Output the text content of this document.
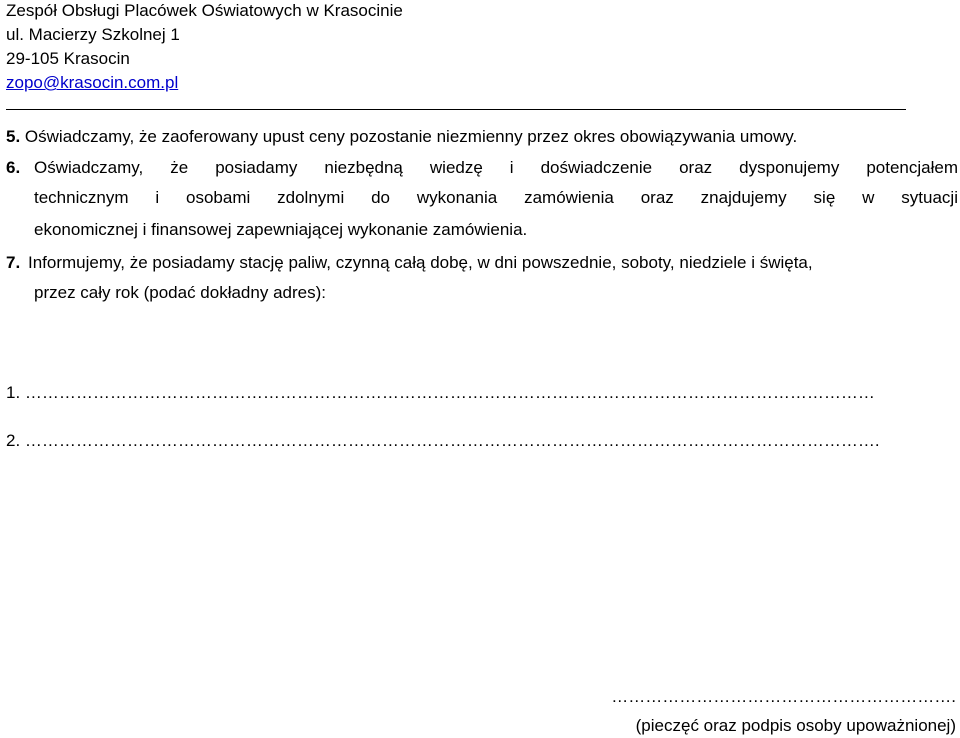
Zespół Obsługi Placówek Oświatowych w Krasocinie
ul. Macierzy Szkolnej 1
29-105 Krasocin
zopo@krasocin.com.pl
5. Oświadczamy, że zaoferowany upust ceny pozostanie niezmienny przez okres obowiązywania umowy.
6. Oświadczamy, że posiadamy niezbędną wiedzę i doświadczenie oraz dysponujemy potencjałem
technicznym i osobami zdolnymi do wykonania zamówienia oraz znajdujemy się w sytuacji
ekonomicznej i finansowej zapewniającej wykonanie zamówienia.
7. Informujemy, że posiadamy stację paliw, czynną całą dobę, w dni powszednie, soboty, niedziele i święta,
przez cały rok (podać dokładny adres):
1. ……………………………………………………………………………………………………………………………………
2. …………………………………………………………………………………………………………………………………….
…………………………………………………….
(pieczęć oraz podpis osoby upoważnionej)
